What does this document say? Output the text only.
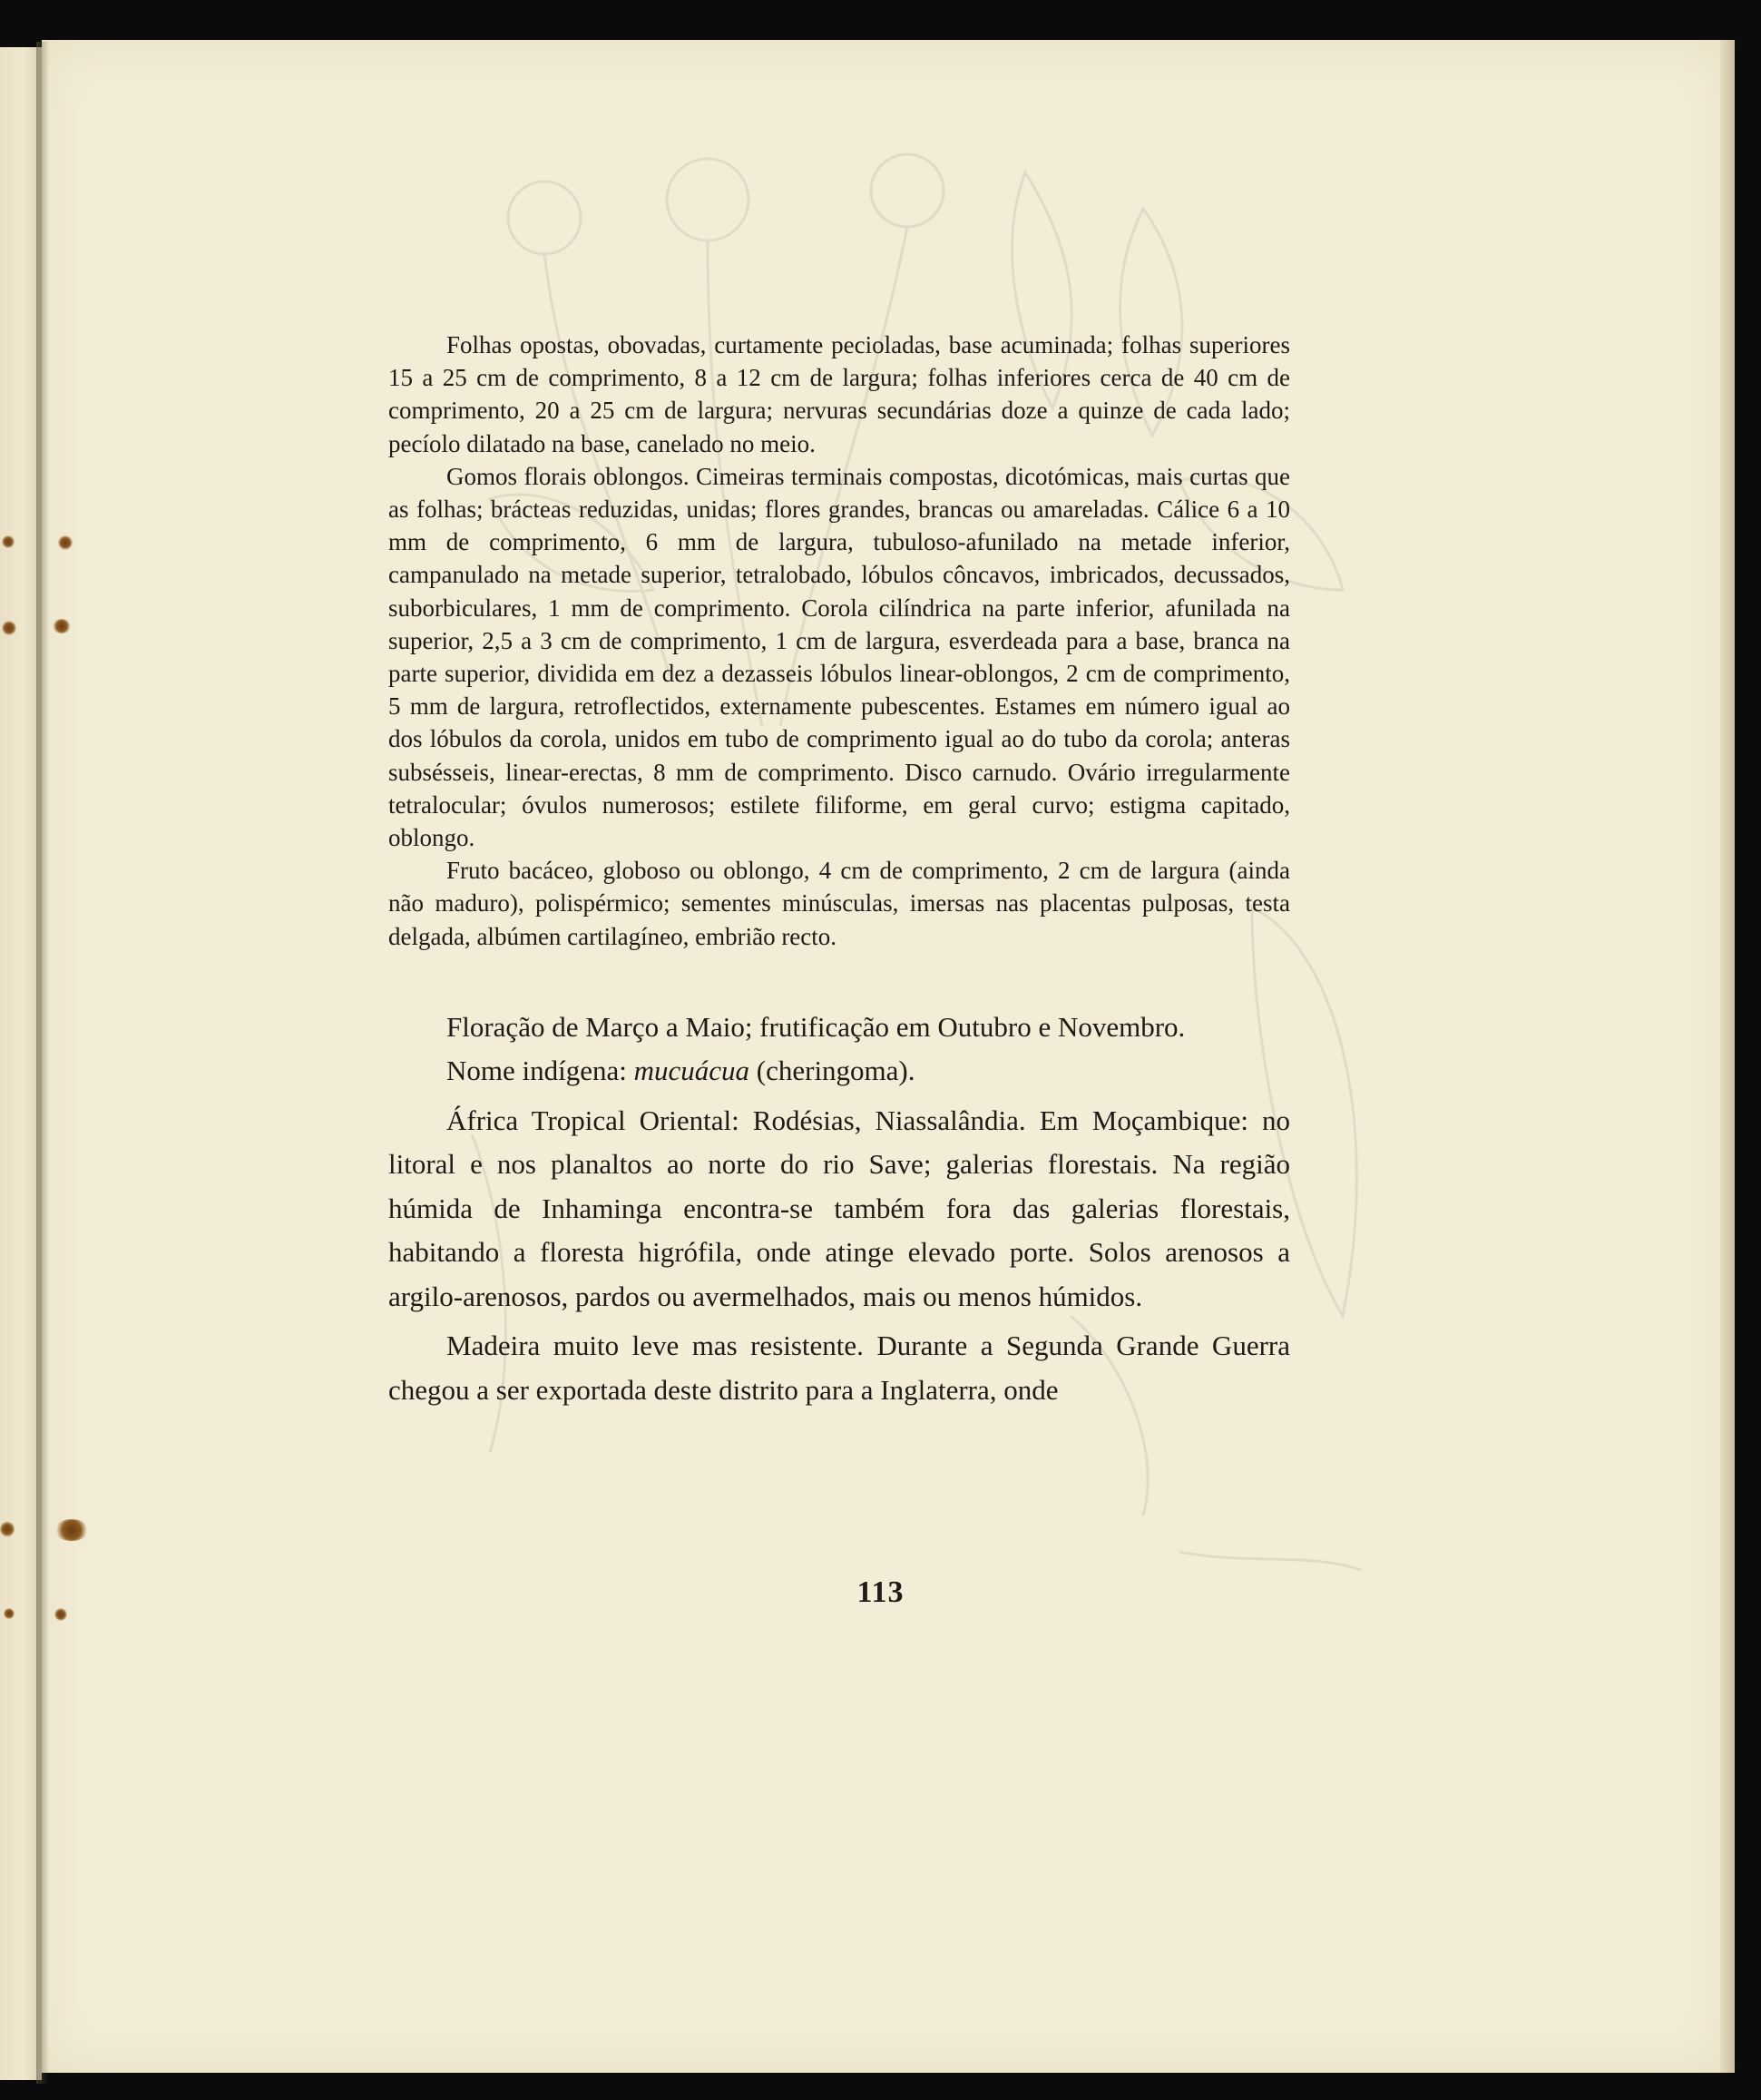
Folhas opostas, obovadas, curtamente pecioladas, base acuminada; folhas superiores 15 a 25 cm de comprimento, 8 a 12 cm de largura; folhas inferiores cerca de 40 cm de comprimento, 20 a 25 cm de largura; nervuras secundárias doze a quinze de cada lado; pecíolo dilatado na base, canelado no meio.

Gomos florais oblongos. Cimeiras terminais compostas, dicotómicas, mais curtas que as folhas; brácteas reduzidas, unidas; flores grandes, brancas ou amareladas. Cálice 6 a 10 mm de comprimento, 6 mm de largura, tubuloso-afunilado na metade inferior, campanulado na metade superior, tetralobado, lóbulos côncavos, imbricados, decussados, suborbiculares, 1 mm de comprimento. Corola cilíndrica na parte inferior, afunilada na superior, 2,5 a 3 cm de comprimento, 1 cm de largura, esverdeada para a base, branca na parte superior, dividida em dez a dezasseis lóbulos linear-oblongos, 2 cm de comprimento, 5 mm de largura, retroflectidos, externamente pubescentes. Estames em número igual ao dos lóbulos da corola, unidos em tubo de comprimento igual ao do tubo da corola; anteras subsésseis, linear-erectas, 8 mm de comprimento. Disco carnudo. Ovário irregularmente tetralocular; óvulos numerosos; estilete filiforme, em geral curvo; estigma capitado, oblongo.

Fruto bacáceo, globoso ou oblongo, 4 cm de comprimento, 2 cm de largura (ainda não maduro), polispérmico; sementes minúsculas, imersas nas placentas pulposas, testa delgada, albúmen cartilagíneo, embrião recto.

Floração de Março a Maio; frutificação em Outubro e Novembro.

Nome indígena: mucuácua (cheringoma).

África Tropical Oriental: Rodésias, Niassalândia. Em Moçambique: no litoral e nos planaltos ao norte do rio Save; galerias florestais. Na região húmida de Inhaminga encontra-se também fora das galerias florestais, habitando a floresta higrófila, onde atinge elevado porte. Solos arenosos a argilo-arenosos, pardos ou avermelhados, mais ou menos húmidos.

Madeira muito leve mas resistente. Durante a Segunda Grande Guerra chegou a ser exportada deste distrito para a Inglaterra, onde

113
